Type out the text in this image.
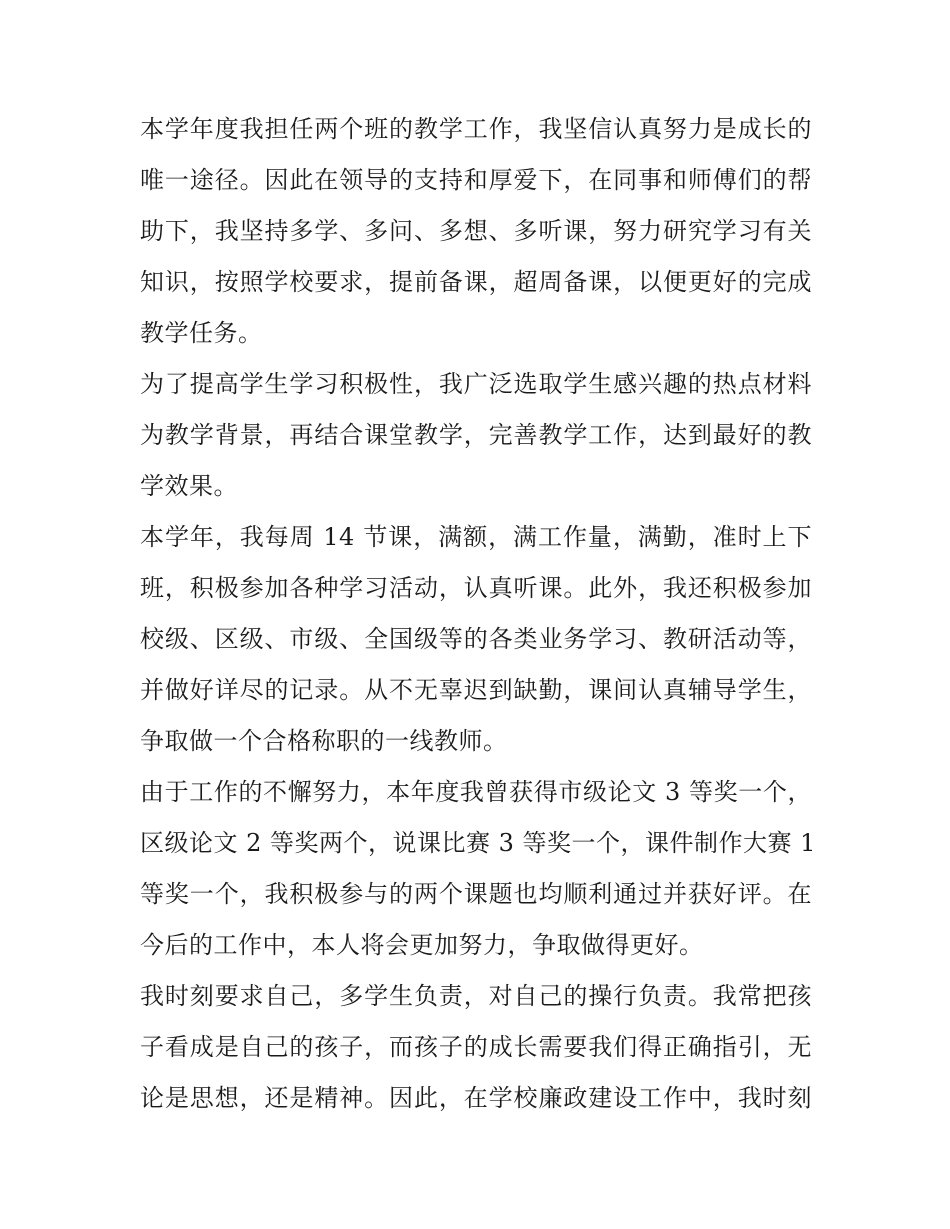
本学年度我担任两个班的教学工作，我坚信认真努力是成长的
唯一途径。因此在领导的支持和厚爱下，在同事和师傅们的帮
助下，我坚持多学、多问、多想、多听课，努力研究学习有关
知识，按照学校要求，提前备课，超周备课，以便更好的完成
教学任务。
为了提高学生学习积极性，我广泛选取学生感兴趣的热点材料
为教学背景，再结合课堂教学，完善教学工作，达到最好的教
学效果。
本学年，我每周 14 节课，满额，满工作量，满勤，准时上下
班，积极参加各种学习活动，认真听课。此外，我还积极参加
校级、区级、市级、全国级等的各类业务学习、教研活动等，
并做好详尽的记录。从不无辜迟到缺勤，课间认真辅导学生，
争取做一个合格称职的一线教师。
由于工作的不懈努力，本年度我曾获得市级论文 3 等奖一个，
区级论文 2 等奖两个，说课比赛 3 等奖一个，课件制作大赛 1
等奖一个，我积极参与的两个课题也均顺利通过并获好评。在
今后的工作中，本人将会更加努力，争取做得更好。
我时刻要求自己，多学生负责，对自己的操行负责。我常把孩
子看成是自己的孩子，而孩子的成长需要我们得正确指引，无
论是思想，还是精神。因此，在学校廉政建设工作中，我时刻
